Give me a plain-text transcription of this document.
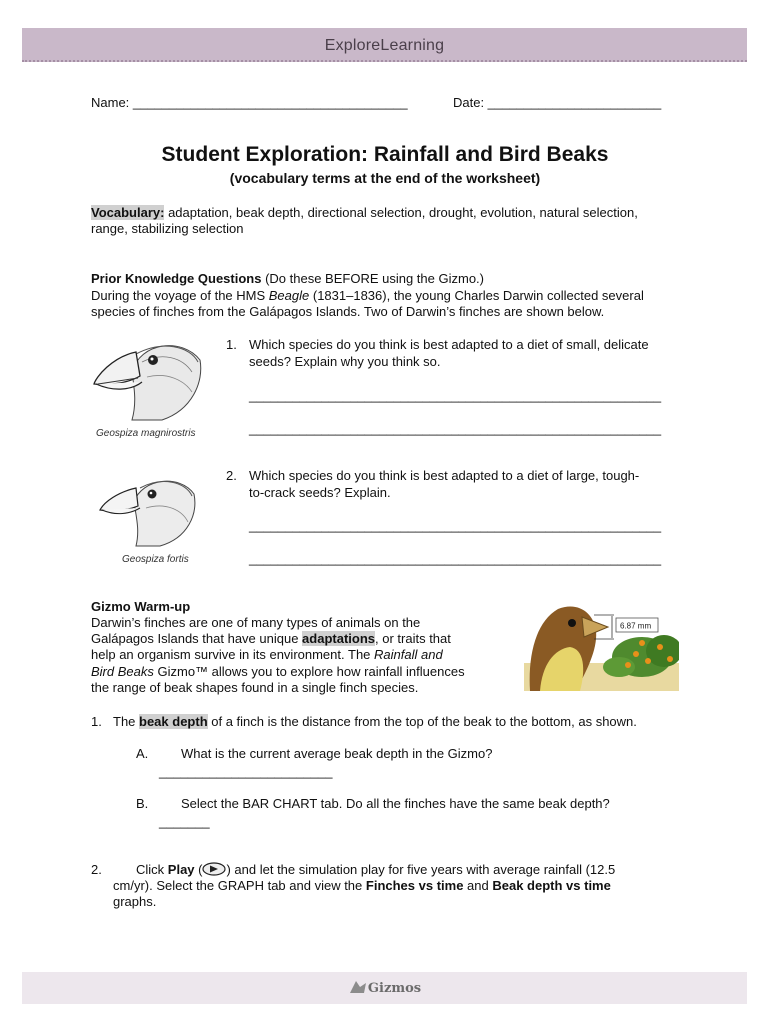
ExploreLearning
Name: ______________________________________	Date: ________________________
Student Exploration: Rainfall and Bird Beaks
(vocabulary terms at the end of the worksheet)
Vocabulary: adaptation, beak depth, directional selection, drought, evolution, natural selection,
range, stabilizing selection
Prior Knowledge Questions (Do these BEFORE using the Gizmo.)
During the voyage of the HMS Beagle (1831–1836), the young Charles Darwin collected several
species of finches from the Galápagos Islands. Two of Darwin’s finches are shown below.
Geospiza magnirostris
Geospiza fortis
1. Which species do you think is best adapted to a diet of small, delicate
seeds? Explain why you think so.
_________________________________________________________
_________________________________________________________
2. Which species do you think is best adapted to a diet of large, tough-
to-crack seeds? Explain.
_________________________________________________________
_________________________________________________________
Gizmo Warm-up
Darwin’s finches are one of many types of animals on the
Galápagos Islands that have unique adaptations, or traits that
help an organism survive in its environment. The Rainfall and
Bird Beaks Gizmo™ allows you to explore how rainfall influences
the range of beak shapes found in a single finch species.
6.87 mm
1. The beak depth of a finch is the distance from the top of the beak to the bottom, as shown.
A.	What is the current average beak depth in the Gizmo?
________________________
B.	Select the BAR CHART tab. Do all the finches have the same beak depth?
_______
2.	Click Play ( ) and let the simulation play for five years with average rainfall (12.5
cm/yr). Select the GRAPH tab and view the Finches vs time and Beak depth vs time
graphs.
Gizmos
